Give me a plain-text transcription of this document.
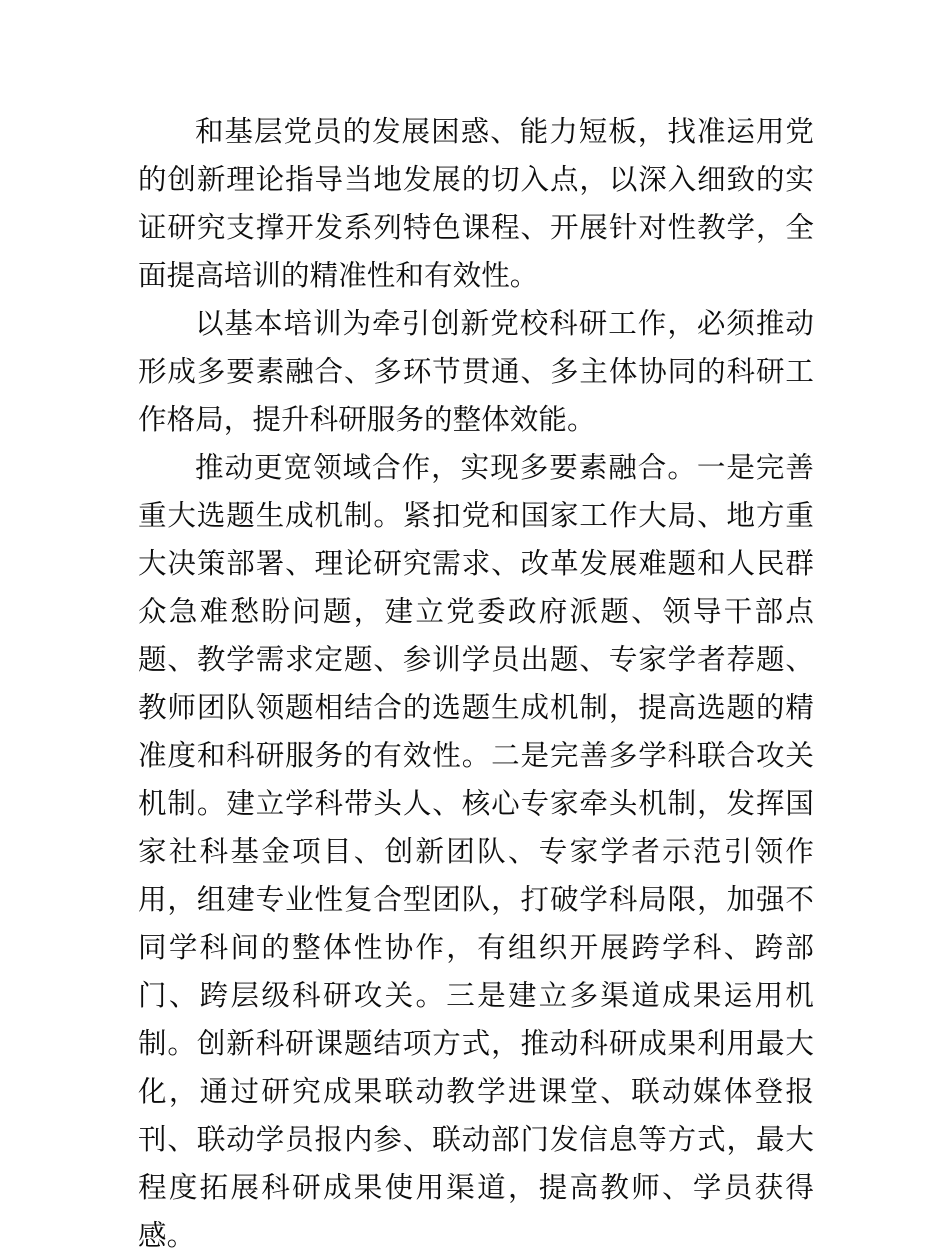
和基层党员的发展困惑、能力短板，找准运用党的创新理论指导当地发展的切入点，以深入细致的实证研究支撑开发系列特色课程、开展针对性教学，全面提高培训的精准性和有效性。

以基本培训为牵引创新党校科研工作，必须推动形成多要素融合、多环节贯通、多主体协同的科研工作格局，提升科研服务的整体效能。

推动更宽领域合作，实现多要素融合。一是完善重大选题生成机制。紧扣党和国家工作大局、地方重大决策部署、理论研究需求、改革发展难题和人民群众急难愁盼问题，建立党委政府派题、领导干部点题、教学需求定题、参训学员出题、专家学者荐题、教师团队领题相结合的选题生成机制，提高选题的精准度和科研服务的有效性。二是完善多学科联合攻关机制。建立学科带头人、核心专家牵头机制，发挥国家社科基金项目、创新团队、专家学者示范引领作用，组建专业性复合型团队，打破学科局限，加强不同学科间的整体性协作，有组织开展跨学科、跨部门、跨层级科研攻关。三是建立多渠道成果运用机制。创新科研课题结项方式，推动科研成果利用最大化，通过研究成果联动教学进课堂、联动媒体登报刊、联动学员报内参、联动部门发信息等方式，最大程度拓展科研成果使用渠道，提高教师、学员获得感。
